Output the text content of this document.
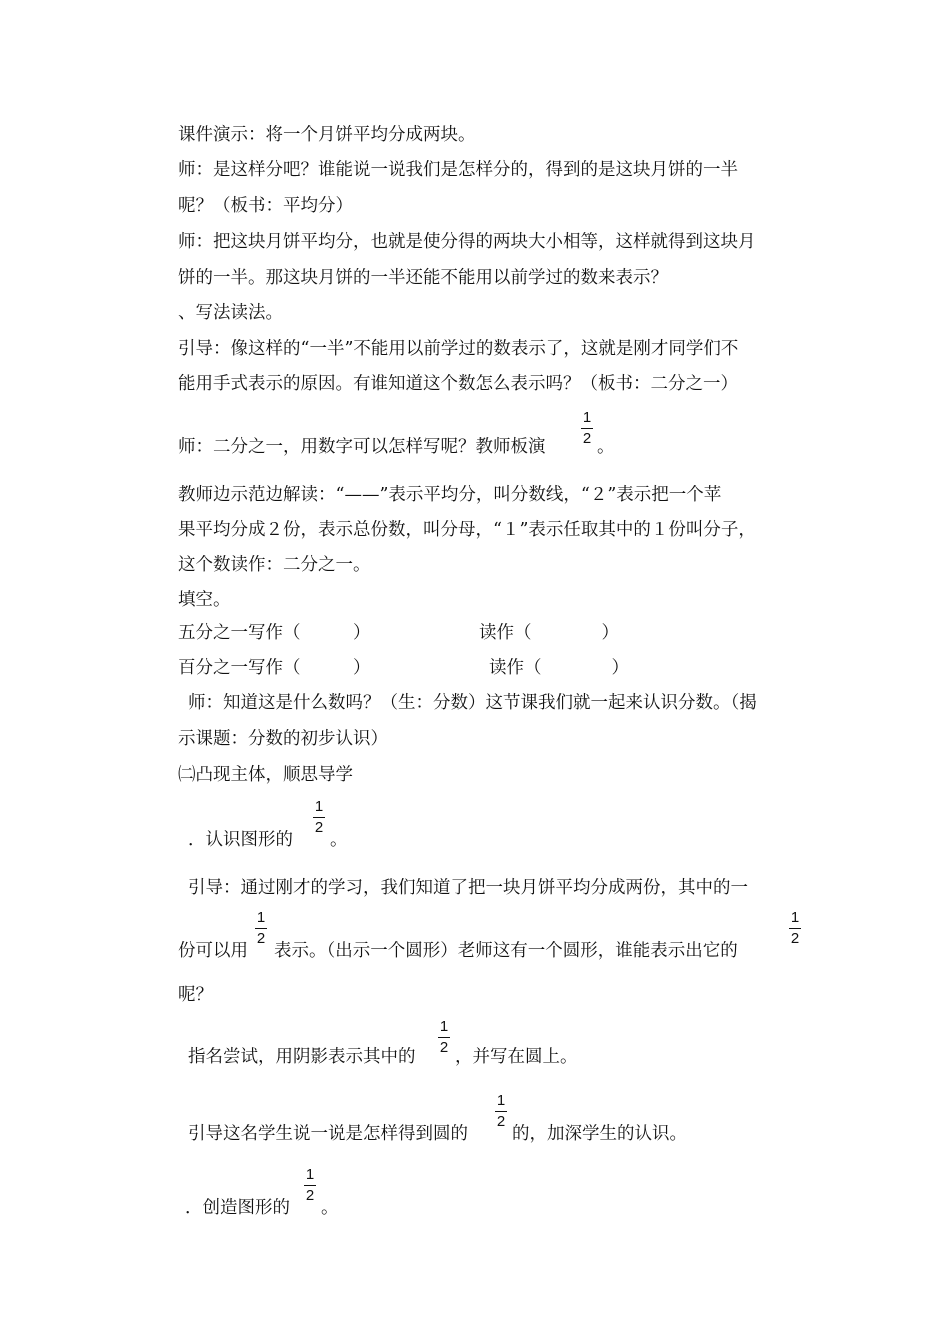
课件演示：将一个月饼平均分成两块。
师：是这样分吧？谁能说一说我们是怎样分的，得到的是这块月饼的一半
呢？（板书：平均分）
师：把这块月饼平均分，也就是使分得的两块大小相等，这样就得到这块月
饼的一半。那这块月饼的一半还能不能用以前学过的数来表示？
、写法读法。
引导：像这样的“一半”不能用以前学过的数表示了，这就是刚才同学们不
能用手式表示的原因。有谁知道这个数怎么表示吗？（板书：二分之一）
师：二分之一，用数字可以怎样写呢？教师板演
1
2 。
教师边示范边解读：“——”表示平均分，叫分数线，“２”表示把一个苹
果平均分成２份，表示总份数，叫分母，“１”表示任取其中的１份叫分子，
这个数读作：二分之一。
填空。
五分之一写作（　　　）	读作（　　　　）
百分之一写作（　　　）	读作（　　　　）
师：知道这是什么数吗？（生：分数）这节课我们就一起来认识分数。（揭
示课题：分数的初步认识）
㈡凸现主体，顺思导学
．认识图形的
1
2
。
引导：通过刚才的学习，我们知道了把一块月饼平均分成两份，其中的一
份可以用
1
2
表示。（出示一个圆形）老师这有一个圆形，谁能表示出它的
1
2
呢？
指名尝试，用阴影表示其中的
1
2 ，并写在圆上。
引导这名学生说一说是怎样得到圆的
1
2
的，加深学生的认识。
．创造图形的
1
2
。
